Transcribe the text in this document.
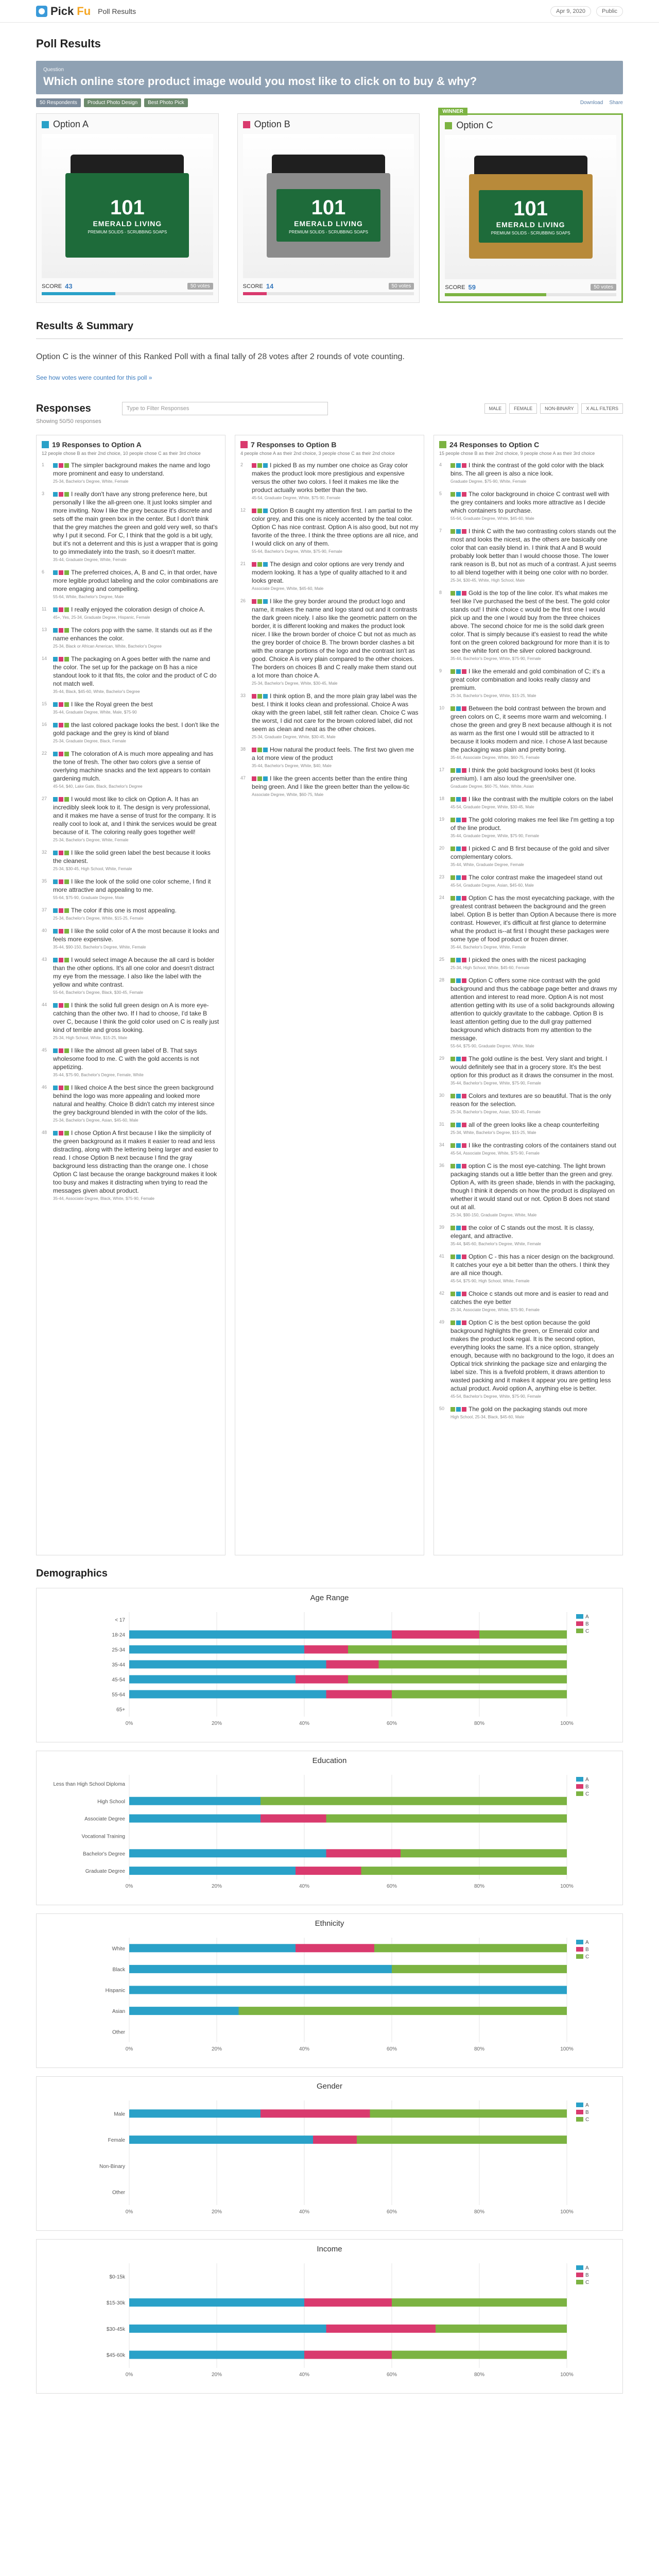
Pick Fu Poll Results	Apr 9, 2020	Public
Poll Results
Question
Which online store product image would you most like to click on to buy & why?
50 Respondents	Product Photo Design	Best Photo Pick	Download Share
Option A
101
EMERALD LIVING
PREMIUM SOLIDS - SCRUBBING SOAPS
SCORE 43	50 votes
Option B
101
EMERALD LIVING
PREMIUM SOLIDS - SCRUBBING SOAPS
SCORE 14	50 votes
WINNER
Option C
101
EMERALD LIVING
PREMIUM SOLIDS - SCRUBBING SOAPS
SCORE 59	50 votes
Results & Summary
Option C is the winner of this Ranked Poll with a final tally of 28 votes after 2 rounds of vote counting.
See how votes were counted for this poll »
Responses	Type to Filter Responses	MALE	FEMALE	NON-BINARY	X ALL FILTERS
Showing 50/50 responses
19 Responses to Option A
12 people chose B as their 2nd choice, 10 people chose C as their 3rd choice
1	The simpler background makes the name and logo more prominent and easy to understand.
25-34, Bachelor's Degree, White, Female
3	I really don't have any strong preference here, but personally I like the all-green one. It just looks simpler and more inviting. Now I like the grey because it's discrete and sets off the main green box in the center. But I don't think that the grey matches the green and gold very well, so that's why I put it second. For C, I think that the gold is a bit ugly, but it's not a deterrent and this is just a wrapper that is going to go immediately into the trash, so it doesn't matter.
35-44, Graduate Degree, White, Female
6	The preferred choices, A, B and C, in that order, have more legible product labeling and the color combinations are more engaging and compelling.
55-64, White, Bachelor's Degree, Male
11	I really enjoyed the coloration design of choice A.
45+, Yes, 25-34, Graduate Degree, Hispanic, Female
13	The colors pop with the same. It stands out as if the name enhances the color.
25-34, Black or African American, White, Bachelor's Degree
14	The packaging on A goes better with the name and the color. The set up for the package on B has a nice standout look to it that fits, the color and the product of C do not match well.
35-44, Black, $45-60, White, Bachelor's Degree
15	I like the Royal green the best
35-44, Graduate Degree, White, Male, $75-90
16	the last colored package looks the best. I don't like the gold package and the grey is kind of bland
25-34, Graduate Degree, Black, Female
22	The coloration of A is much more appealing and has the tone of fresh. The other two colors give a sense of overlying machine snacks and the text appears to contain gardening mulch.
45-54, $40, Lake Gate, Black, Bachelor's Degree
27	I would most like to click on Option A. It has an incredibly sleek look to it. The design is very professional, and it makes me have a sense of trust for the company. It is really cool to look at, and I think the services would be great because of it. The coloring really goes together well!
25-34, Bachelor's Degree, White, Female
32	I like the solid green label the best because it looks the cleanest.
25-34, $30-45, High School, White, Female
35	I like the look of the solid one color scheme, I find it more attractive and appealing to me.
55-64, $75-90, Graduate Degree, Male
37	The color if this one is most appealing.
25-34, Bachelor's Degree, White, $15-25, Female
40	I like the solid color of A the most because it looks and feels more expensive.
35-44, $90-150, Bachelor's Degree, White, Female
43	I would select image A because the all card is bolder than the other options. It's all one color and doesn't distract my eye from the message. I also like the label with the yellow and white contrast.
55-64, Bachelor's Degree, Black, $30-45, Female
44	I think the solid full green design on A is more eye-catching than the other two. If I had to choose, I'd take B over C, because I think the gold color used on C is really just kind of terrible and gross looking.
25-34, High School, White, $15-25, Male
45	I like the almost all green label of B. That says wholesome food to me. C with the gold accents is not appetizing.
35-44, $75-90, Bachelor's Degree, Female, White
46	I liked choice A the best since the green background behind the logo was more appealing and looked more natural and healthy. Choice B didn't catch my interest since the grey background blended in with the color of the lids.
25-34, Bachelor's Degree, Asian, $45-60, Male
48	I chose Option A first because I like the simplicity of the green background as it makes it easier to read and less distracting, along with the lettering being larger and easier to read. I chose Option B next because I find the gray background less distracting than the orange one. I chose Option C last because the orange background makes it look too busy and makes it distracting when trying to read the messages given about product.
35-44, Associate Degree, Black, White, $75-90, Female
7 Responses to Option B
4 people chose A as their 2nd choice, 3 people chose C as their 2nd choice
2	I picked B as my number one choice as Gray color makes the product look more prestigious and expensive versus the other two colors. I feel it makes me like the product actually works better than the two.
45-54, Graduate Degree, White, $75-90, Female
12	Option B caught my attention first. I am partial to the color grey, and this one is nicely accented by the teal color. Option C has nice contrast. Option A is also good, but not my favorite of the three. I think the three options are all nice, and I would click on any of them.
55-64, Bachelor's Degree, White, $75-90, Female
21	The design and color options are very trendy and modern looking. It has a type of quality attached to it and looks great.
Associate Degree, White, $45-60, Male
26	I like the grey border around the product logo and name, it makes the name and logo stand out and it contrasts the dark green nicely. I also like the geometric pattern on the border, it is different looking and makes the product look nicer. I like the brown border of choice C but not as much as the grey border of choice B. The brown border clashes a bit with the orange portions of the logo and the contrast isn't as good. Choice A is very plain compared to the other choices. The borders on choices B and C really make them stand out a lot more than choice A.
25-34, Bachelor's Degree, White, $30-45, Male
33	I think option B, and the more plain gray label was the best. I think it looks clean and professional. Choice A was okay with the green label, still felt rather clean. Choice C was the worst, I did not care for the brown colored label, did not seem as clean and neat as the other choices.
25-34, Graduate Degree, White, $30-45, Male
38	How natural the product feels. The first two given me a lot more view of the product
35-44, Bachelor's Degree, White, $40, Male
47	I like the green accents better than the entire thing being green. And I like the green better than the yellow-tic
Associate Degree, White, $60-75, Male
24 Responses to Option C
15 people chose B as their 2nd choice, 9 people chose A as their 3rd choice
4	I think the contrast of the gold color with the black bins. The all green is also a nice look.
Graduate Degree, $75-90, White, Female
5	The color background in choice C contrast well with the grey containers and looks more attractive as I decide which containers to purchase.
55-64, Graduate Degree, White, $45-60, Male
7	I think C with the two contrasting colors stands out the most and looks the nicest, as the others are basically one color that can easily blend in. I think that A and B would probably look better than I would choose those. The lower rank reason is B, but not as much of a contrast. A just seems to all blend together with it being one color with no border.
25-34, $30-45, White, High School, Male
8	Gold is the top of the line color. It's what makes me feel like I've purchased the best of the best. The gold color stands out! I think choice c would be the first one I would pick up and the one I would buy from the three choices above. The second choice for me is the solid dark green color. That is simply because it's easiest to read the white font on the green colored background for more than it is to see the white font on the silver colored background.
35-44, Bachelor's Degree, White, $75-90, Female
9	I like the emerald and gold combination of C; it's a great color combination and looks really classy and premium.
25-34, Bachelor's Degree, White, $15-25, Male
10	Between the bold contrast between the brown and green colors on C, it seems more warm and welcoming. I chose the green and grey B next because although it is not as warm as the first one I would still be attracted to it because it looks modern and nice. I chose A last because the packaging was plain and pretty boring.
35-44, Associate Degree, White, $60-75, Female
17	I think the gold background looks best (it looks premium). I am also loud the green/silver one.
Graduate Degree, $60-75, Male, White, Asian
18	I like the contrast with the multiple colors on the label
45-54, Graduate Degree, White, $30-45, Male
19	The gold coloring makes me feel like I'm getting a top of the line product.
35-44, Graduate Degree, White, $75-90, Female
20	I picked C and B first because of the gold and silver complementary colors.
35-44, White, Graduate Degree, Female
23	The color contrast make the imagedeel stand out
45-54, Graduate Degree, Asian, $45-60, Male
24	Option C has the most eyecatching package, with the greatest contrast between the background and the green label. Option B is better than Option A because there is more contrast. However, it's difficult at first glance to determine what the product is--at first I thought these packages were some type of food product or frozen dinner.
35-44, Bachelor's Degree, White, Female
25	I picked the ones with the nicest packaging
25-34, High School, White, $45-60, Female
28	Option C offers some nice contrast with the gold background and thus the cabbage page better and draws my attention and interest to read more. Option A is not most attention getting with its use of a solid backgrounds allowing attention to quickly gravitate to the cabbage. Option B is least attention getting due to the dull gray patterned background which distracts from my attention to the message.
55-64, $75-90, Graduate Degree, White, Male
29	The gold outline is the best. Very slant and bright. I would definitely see that in a grocery store. It's the best option for this product as it draws the consumer in the most.
35-44, Bachelor's Degree, White, $75-90, Female
30	Colors and textures are so beautiful. That is the only reason for the selection.
25-34, Bachelor's Degree, Asian, $30-45, Female
31	all of the green looks like a cheap counterfeiting
25-34, White, Bachelor's Degree, $15-25, Male
34	I like the contrasting colors of the containers stand out
45-54, Associate Degree, White, $75-90, Female
36	option C is the most eye-catching. The light brown packaging stands out a little better than the green and grey. Option A, with its green shade, blends in with the packaging, though I think it depends on how the product is displayed on whether it would stand out or not. Option B does not stand out at all.
25-34, $90-150, Graduate Degree, White, Male
39	the color of C stands out the most. It is classy, elegant, and attractive.
35-44, $45-60, Bachelor's Degree, White, Female
41	Option C - this has a nicer design on the background. It catches your eye a bit better than the others. I think they are all nice though.
45-54, $75-90, High School, White, Female
42	Choice c stands out more and is easier to read and catches the eye better
25-34, Associate Degree, White, $75-90, Female
49	Option C is the best option because the gold background highlights the green, or Emerald color and makes the product look regal. It is the second option, everything looks the same. It's a nice option, strangely enough, because with no background to the logo, it does an Optical trick shrinking the package size and enlarging the label size. This is a fivefold problem, it draws attention to wasted packing and it makes it appear you are getting less actual product. Avoid option A, anything else is better.
45-54, Bachelor's Degree, White, $75-90, Female
50	The gold on the packaging stands out more
High School, 25-34, Black, $45-60, Male
Demographics
Age Range
0%	20%	40%	60%	80%	100%
< 17
18-24
25-34
35-44
45-54
55-64
65+
A
B
C
Education
0%	20%	40%	60%	80%	100%
Less than High School Diploma
High School
Associate Degree
Vocational Training
Bachelor's Degree
Graduate Degree
A
B
C
Ethnicity
0%	20%	40%	60%	80%	100%
White
Black
Hispanic
Asian
Other
A
B
C
Gender
0%	20%	40%	60%	80%	100%
Male
Female
Non-Binary
Other
A
B
C
Income
0%	20%	40%	60%	80%	100%
$0-15k
$15-30k
$30-45k
$45-60k
A
B
C
